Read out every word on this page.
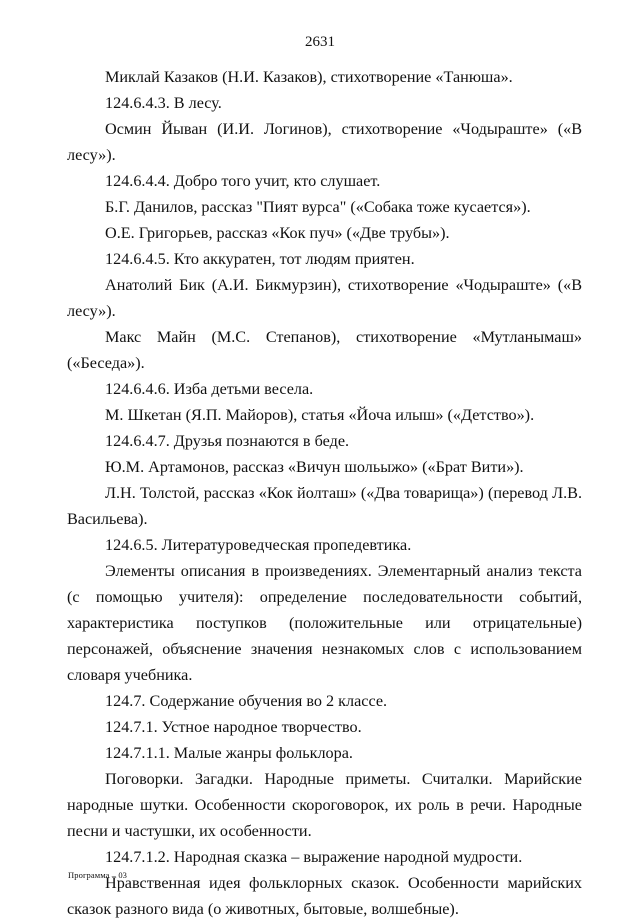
2631

Миклай Казаков (Н.И. Казаков), стихотворение «Танюша».

124.6.4.3. В лесу.

Осмин Йыван (И.И. Логинов), стихотворение «Чодыраште» («В лесу»).

124.6.4.4. Добро того учит, кто слушает.

Б.Г. Данилов, рассказ "Пият вурса" («Собака тоже кусается»).

О.Е. Григорьев, рассказ «Кок пуч» («Две трубы»).

124.6.4.5. Кто аккуратен, тот людям приятен.

Анатолий Бик (А.И. Бикмурзин), стихотворение «Чодыраште» («В лесу»).

Макс Майн (М.С. Степанов), стихотворение «Мутланымаш» («Беседа»).

124.6.4.6. Изба детьми весела.

М. Шкетан (Я.П. Майоров), статья «Йоча илыш» («Детство»).

124.6.4.7. Друзья познаются в беде.

Ю.М. Артамонов, рассказ «Вичун шольыжо» («Брат Вити»).

Л.Н. Толстой, рассказ «Кок йолташ» («Два товарища») (перевод Л.В. Васильева).

124.6.5. Литературоведческая пропедевтика.

Элементы описания в произведениях. Элементарный анализ текста (с помощью учителя): определение последовательности событий, характеристика поступков (положительные или отрицательные) персонажей, объяснение значения незнакомых слов с использованием словаря учебника.

124.7. Содержание обучения во 2 классе.

124.7.1. Устное народное творчество.

124.7.1.1. Малые жанры фольклора.

Поговорки. Загадки. Народные приметы. Считалки. Марийские народные шутки. Особенности скороговорок, их роль в речи. Народные песни и частушки, их особенности.

124.7.1.2. Народная сказка – выражение народной мудрости.

Нравственная идея фольклорных сказок. Особенности марийских сказок разного вида (о животных, бытовые, волшебные).

Программа – 03
